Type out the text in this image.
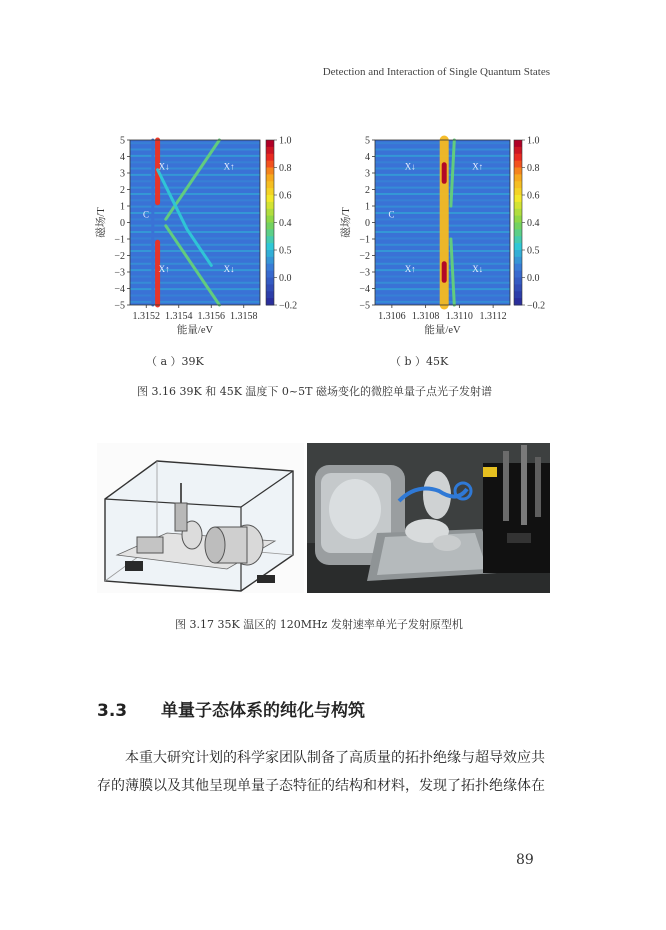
Detection and Interaction of Single Quantum States
5
4
3
2
1
0
−1
−2
−3
−4
−5
1.3152 1.3154 1.3156 1.3158
能量/eV
磁场/T
X↓	X↑
C
X↑	X↓
1.0
0.8
0.6
0.4
0.5
0.0
−0.2
5
4
3
2
1
0
−1
−2
−3
−4
−5
1.3106 1.3108 1.3110 1.3112
能量/eV
磁场/T
X↓	X↑
C
X↑	X↓
1.0
0.8
0.6
0.4
0.5
0.0
−0.2
（ a ）39K	（ b ）45K
图 3.16 39K 和 45K 温度下 0~5T 磁场变化的微腔单量子点光子发射谱
图 3.17 35K 温区的 120MHz 发射速率单光子发射原型机
3.3 单量子态体系的纯化与构筑
本重大研究计划的科学家团队制备了高质量的拓扑绝缘与超导效应共
存的薄膜以及其他呈现单量子态特征的结构和材料，发现了拓扑绝缘体在
89
